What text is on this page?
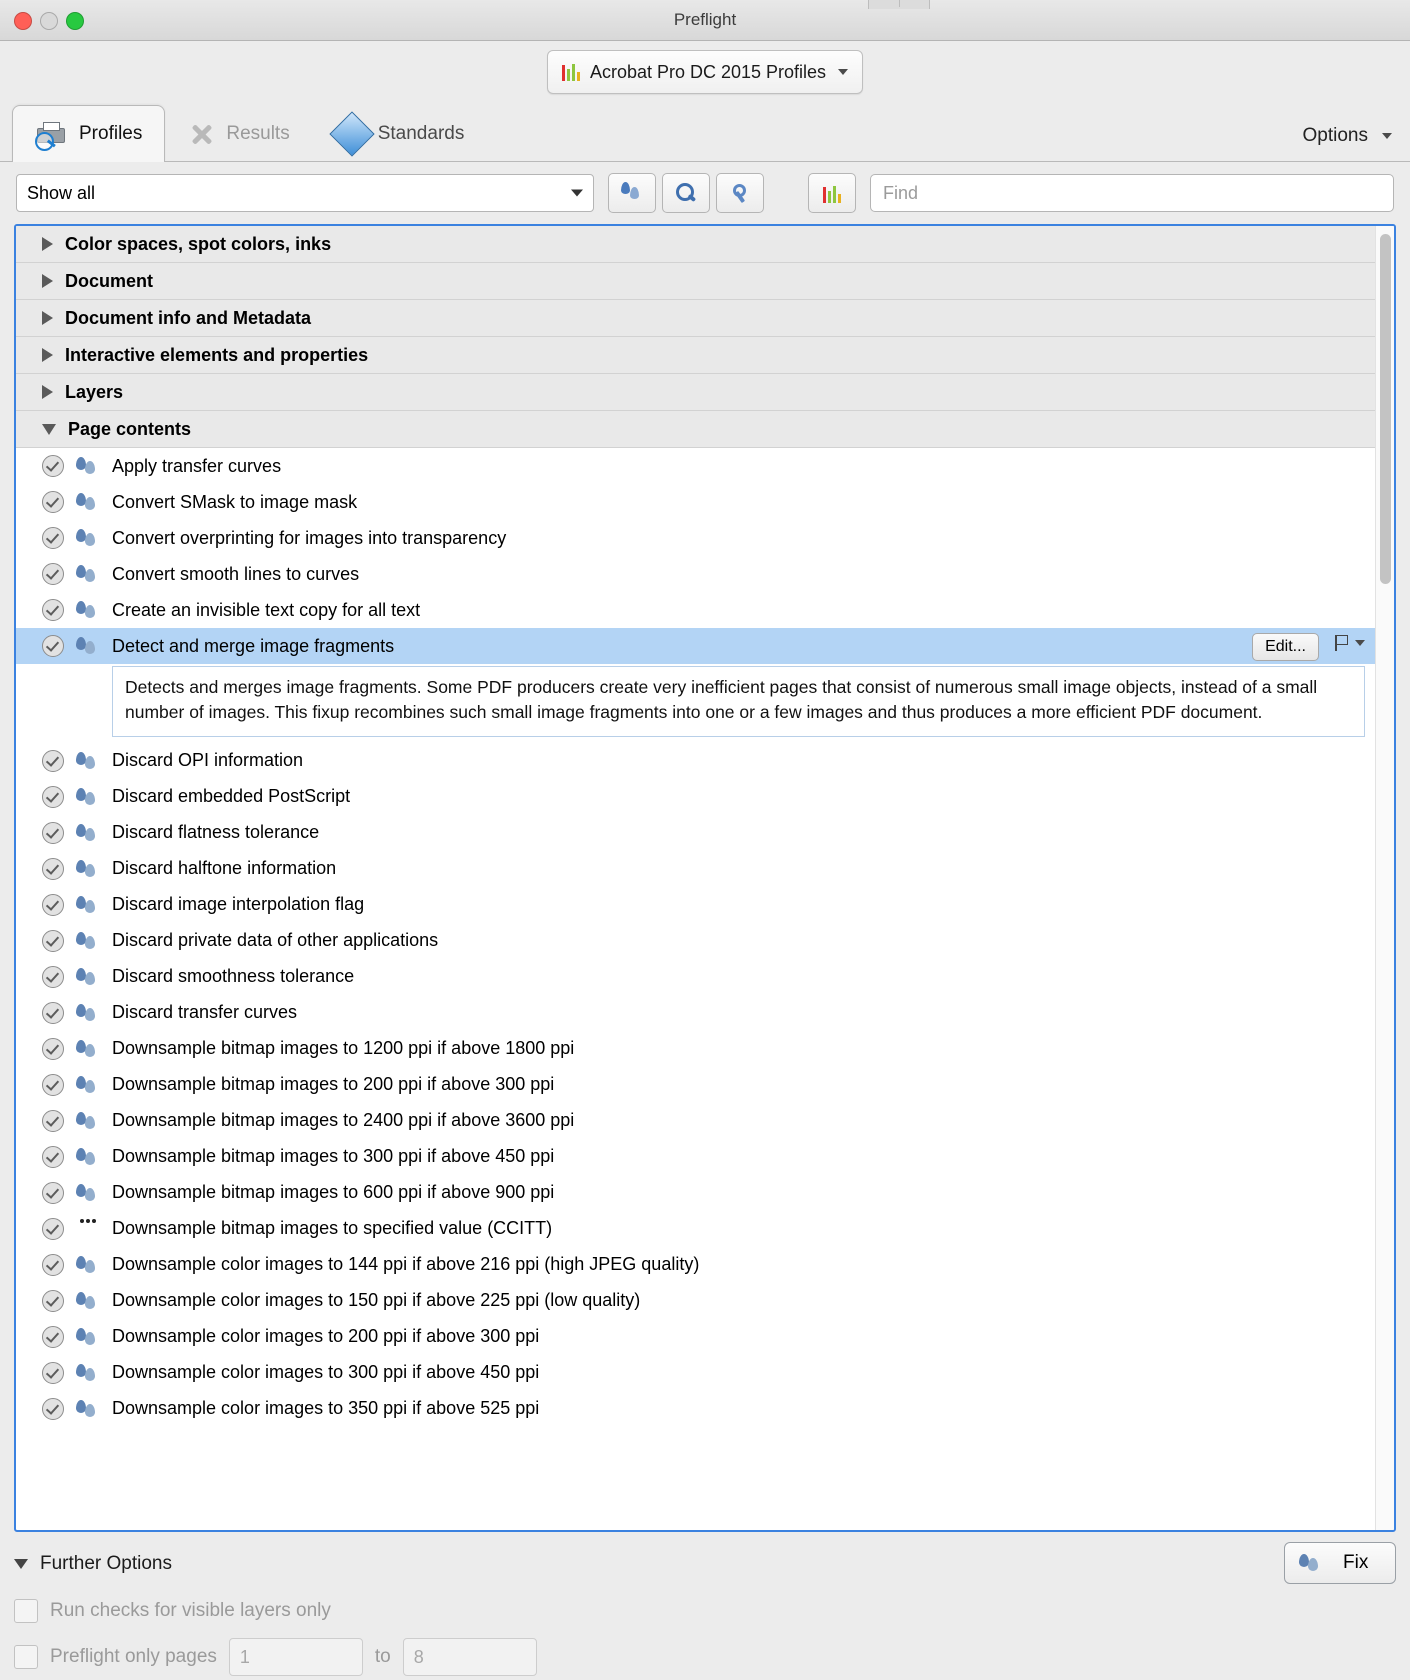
Preflight
Acrobat Pro DC 2015 Profiles
Profiles	Results	Standards	Options
Show all	Find
Color spaces, spot colors, inks
Document
Document info and Metadata
Interactive elements and properties
Layers
Page contents
Apply transfer curves
Convert SMask to image mask
Convert overprinting for images into transparency
Convert smooth lines to curves
Create an invisible text copy for all text
Detect and merge image fragments	Edit...
Detects and merges image fragments. Some PDF producers create very inefficient pages that consist of numerous small image objects, instead of a small number of images. This fixup recombines such small image fragments into one or a few images and thus produces a more efficient PDF document.
Discard OPI information
Discard embedded PostScript
Discard flatness tolerance
Discard halftone information
Discard image interpolation flag
Discard private data of other applications
Discard smoothness tolerance
Discard transfer curves
Downsample bitmap images to 1200 ppi if above 1800 ppi
Downsample bitmap images to 200 ppi if above 300 ppi
Downsample bitmap images to 2400 ppi if above 3600 ppi
Downsample bitmap images to 300 ppi if above 450 ppi
Downsample bitmap images to 600 ppi if above 900 ppi
Downsample bitmap images to specified value (CCITT)
Downsample color images to 144 ppi if above 216 ppi (high JPEG quality)
Downsample color images to 150 ppi if above 225 ppi (low quality)
Downsample color images to 200 ppi if above 300 ppi
Downsample color images to 300 ppi if above 450 ppi
Downsample color images to 350 ppi if above 525 ppi
Further Options	Fix
Run checks for visible layers only
Preflight only pages 1	to 8
